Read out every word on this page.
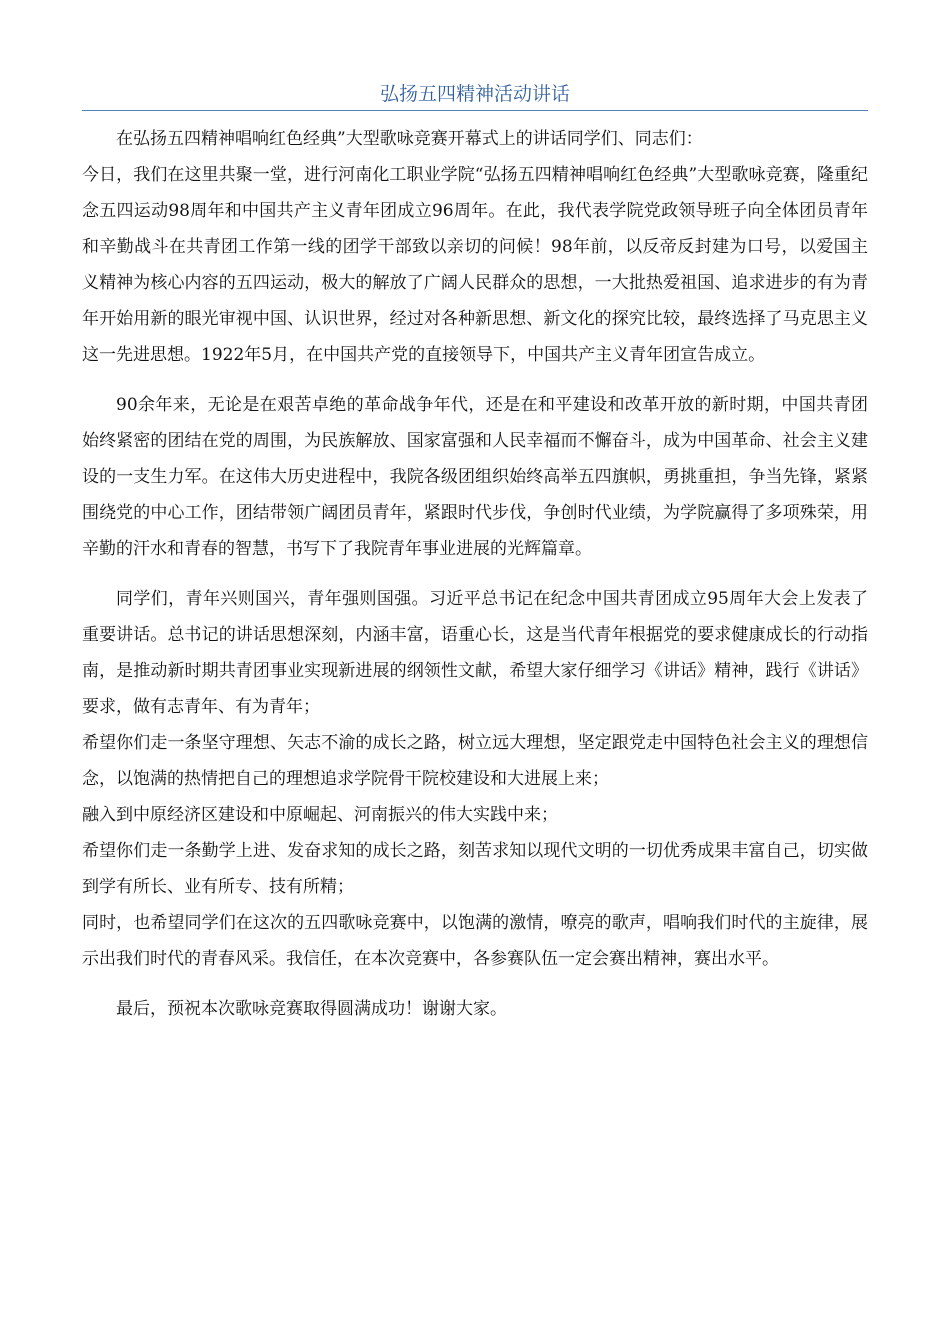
弘扬五四精神活动讲话

在弘扬五四精神唱响红色经典”大型歌咏竞赛开幕式上的讲话同学们、同志们：

今日，我们在这里共聚一堂，进行河南化工职业学院“弘扬五四精神唱响红色经典”大型歌咏竞赛，隆重纪念五四运动98周年和中国共产主义青年团成立96周年。在此，我代表学院党政领导班子向全体团员青年和辛勤战斗在共青团工作第一线的团学干部致以亲切的问候！98年前，以反帝反封建为口号，以爱国主义精神为核心内容的五四运动，极大的解放了广阔人民群众的思想，一大批热爱祖国、追求进步的有为青年开始用新的眼光审视中国、认识世界，经过对各种新思想、新文化的探究比较，最终选择了马克思主义这一先进思想。1922年5月，在中国共产党的直接领导下，中国共产主义青年团宣告成立。

90余年来，无论是在艰苦卓绝的革命战争年代，还是在和平建设和改革开放的新时期，中国共青团始终紧密的团结在党的周围，为民族解放、国家富强和人民幸福而不懈奋斗，成为中国革命、社会主义建设的一支生力军。在这伟大历史进程中，我院各级团组织始终高举五四旗帜，勇挑重担，争当先锋，紧紧围绕党的中心工作，团结带领广阔团员青年，紧跟时代步伐，争创时代业绩，为学院赢得了多项殊荣，用辛勤的汗水和青春的智慧，书写下了我院青年事业进展的光辉篇章。

同学们，青年兴则国兴，青年强则国强。习近平总书记在纪念中国共青团成立95周年大会上发表了重要讲话。总书记的讲话思想深刻，内涵丰富，语重心长，这是当代青年根据党的要求健康成长的行动指南，是推动新时期共青团事业实现新进展的纲领性文献，希望大家仔细学习《讲话》精神，践行《讲话》要求，做有志青年、有为青年；

希望你们走一条坚守理想、矢志不渝的成长之路，树立远大理想，坚定跟党走中国特色社会主义的理想信念，以饱满的热情把自己的理想追求学院骨干院校建设和大进展上来；

融入到中原经济区建设和中原崛起、河南振兴的伟大实践中来；

希望你们走一条勤学上进、发奋求知的成长之路，刻苦求知以现代文明的一切优秀成果丰富自己，切实做到学有所长、业有所专、技有所精；

同时，也希望同学们在这次的五四歌咏竞赛中，以饱满的激情，嘹亮的歌声，唱响我们时代的主旋律，展示出我们时代的青春风采。我信任，在本次竞赛中，各参赛队伍一定会赛出精神，赛出水平。

最后，预祝本次歌咏竞赛取得圆满成功！谢谢大家。
